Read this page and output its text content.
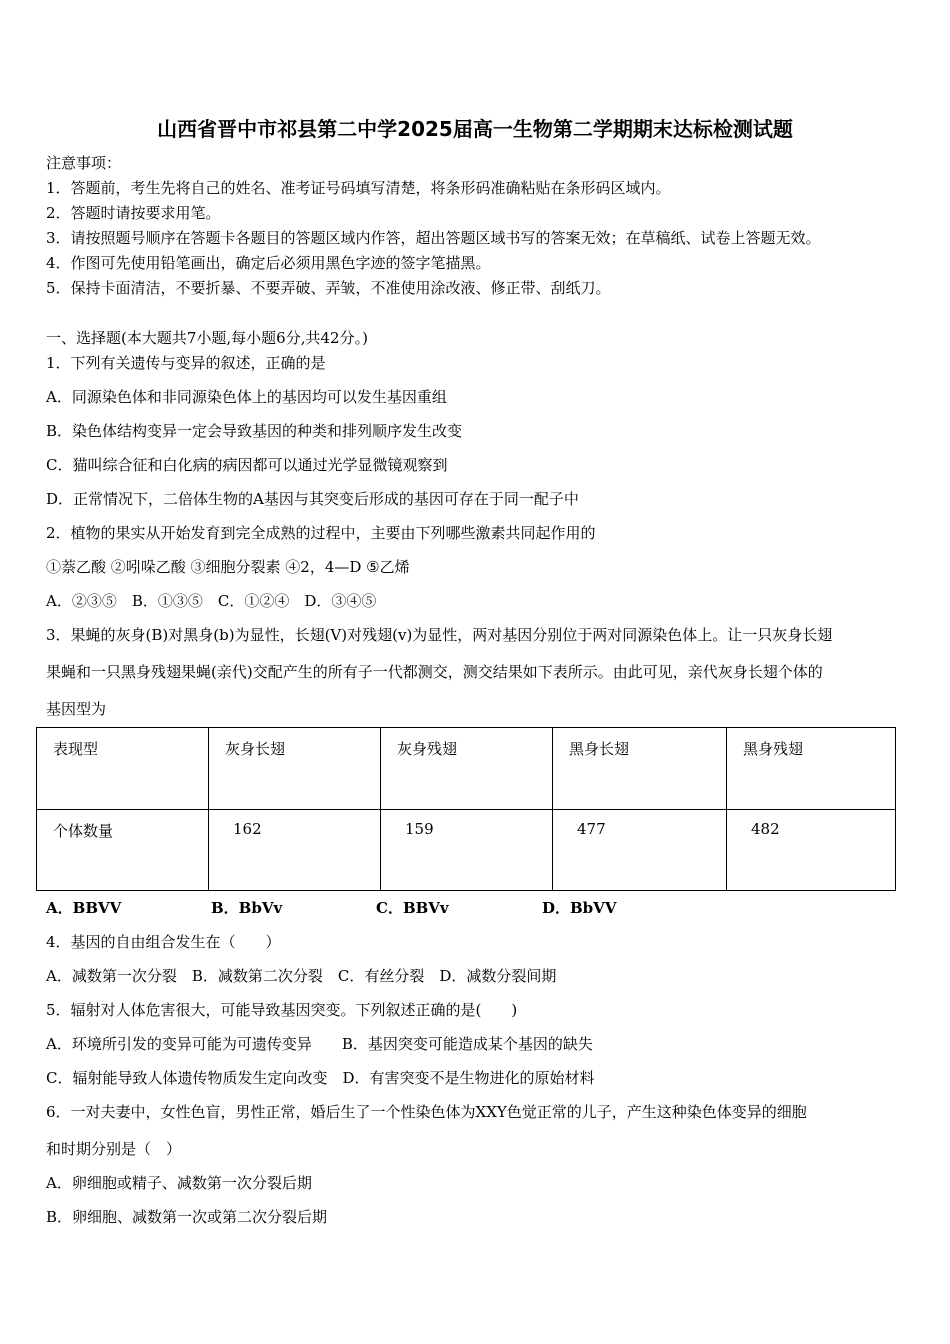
山西省晋中市祁县第二中学2025届高一生物第二学期期末达标检测试题
注意事项：
1．答题前，考生先将自己的姓名、准考证号码填写清楚，将条形码准确粘贴在条形码区域内。
2．答题时请按要求用笔。
3．请按照题号顺序在答题卡各题目的答题区域内作答，超出答题区域书写的答案无效；在草稿纸、试卷上答题无效。
4．作图可先使用铅笔画出，确定后必须用黑色字迹的签字笔描黑。
5．保持卡面清洁，不要折暴、不要弄破、弄皱，不准使用涂改液、修正带、刮纸刀。
一、选择题(本大题共7小题,每小题6分,共42分。)
1．下列有关遗传与变异的叙述，正确的是
A．同源染色体和非同源染色体上的基因均可以发生基因重组
B．染色体结构变异一定会导致基因的种类和排列顺序发生改变
C．猫叫综合征和白化病的病因都可以通过光学显微镜观察到
D．正常情况下，二倍体生物的A基因与其突变后形成的基因可存在于同一配子中
2．植物的果实从开始发育到完全成熟的过程中，主要由下列哪些激素共同起作用的
①萘乙酸 ②吲哚乙酸 ③细胞分裂素 ④2，4—D ⑤乙烯
A．②③⑤　B．①③⑤　C．①②④　D．③④⑤
3．果蝇的灰身(B)对黑身(b)为显性，长翅(V)对残翅(v)为显性，两对基因分别位于两对同源染色体上。让一只灰身长翅
果蝇和一只黑身残翅果蝇(亲代)交配产生的所有子一代都测交，测交结果如下表所示。由此可见，亲代灰身长翅个体的
基因型为
表现型	灰身长翅	灰身残翅	黑身长翅	黑身残翅
个体数量	162	159	477	482
A．BBVV	B．BbVv	C．BBVv	D．BbVV
4．基因的自由组合发生在（　　）
A．减数第一次分裂　B．减数第二次分裂　C．有丝分裂　D．减数分裂间期
5．辐射对人体危害很大，可能导致基因突变。下列叙述正确的是(　　)
A．环境所引发的变异可能为可遗传变异　　B．基因突变可能造成某个基因的缺失
C．辐射能导致人体遗传物质发生定向改变　D．有害突变不是生物进化的原始材料
6．一对夫妻中，女性色盲，男性正常，婚后生了一个性染色体为XXY色觉正常的儿子，产生这种染色体变异的细胞
和时期分别是（　）
A．卵细胞或精子、减数第一次分裂后期
B．卵细胞、减数第一次或第二次分裂后期
